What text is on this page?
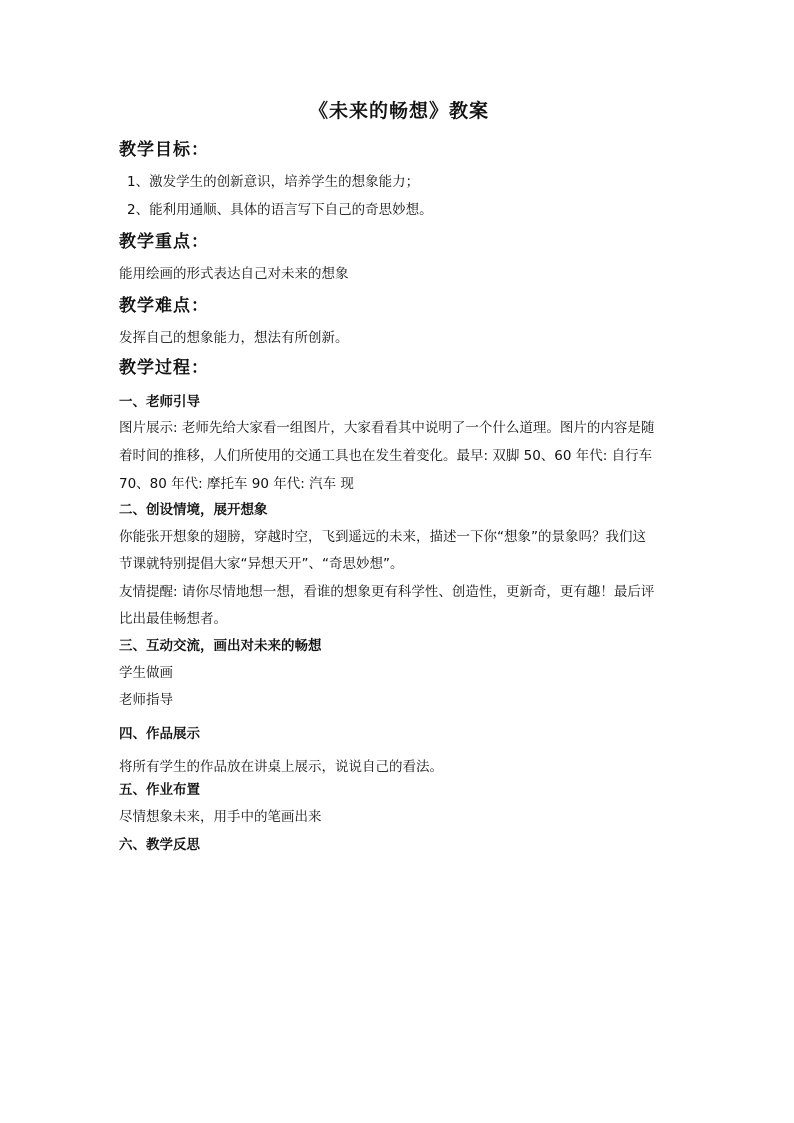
《未来的畅想》教案
教学目标：
1、激发学生的创新意识，培养学生的想象能力；
2、能利用通顺、具体的语言写下自己的奇思妙想。
教学重点：
能用绘画的形式表达自己对未来的想象
教学难点：
发挥自己的想象能力，想法有所创新。
教学过程：
一、老师引导
图片展示: 老师先给大家看一组图片，大家看看其中说明了一个什么道理。图片的内容是随
着时间的推移，人们所使用的交通工具也在发生着变化。最早: 双脚 50、60 年代: 自行车
70、80 年代: 摩托车 90 年代: 汽车 现
二、创设情境，展开想象
你能张开想象的翅膀，穿越时空，飞到遥远的未来，描述一下你“想象”的景象吗？我们这
节课就特别提倡大家“异想天开”、“奇思妙想”。
友情提醒: 请你尽情地想一想，看谁的想象更有科学性、创造性，更新奇，更有趣！最后评
比出最佳畅想者。
三、互动交流，画出对未来的畅想
学生做画
老师指导
四、作品展示
将所有学生的作品放在讲桌上展示，说说自己的看法。
五、作业布置
尽情想象未来，用手中的笔画出来
六、教学反思
